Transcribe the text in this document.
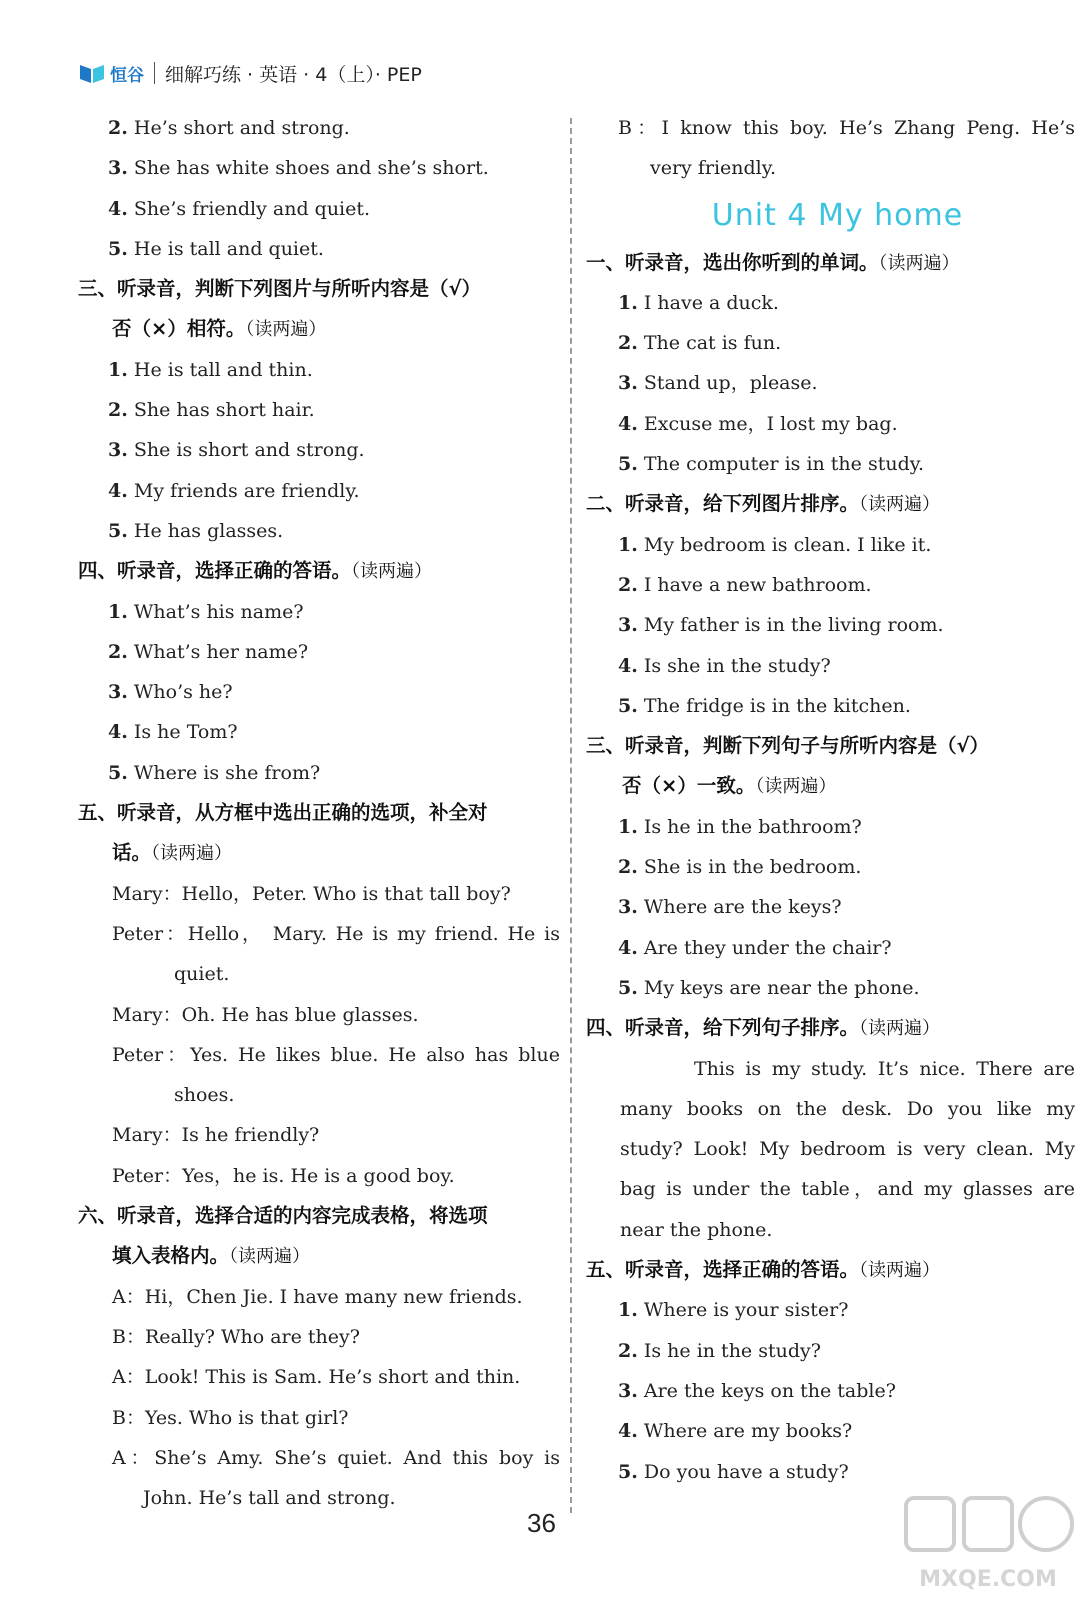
恒谷 细解巧练 · 英语 · 4（上）· PEP
2. He’s short and strong.
3. She has white shoes and she’s short.
4. She’s friendly and quiet.
5. He is tall and quiet.
三、听录音，判断下列图片与所听内容是（√）
否（×）相符。（读两遍）
1. He is tall and thin.
2. She has short hair.
3. She is short and strong.
4. My friends are friendly.
5. He has glasses.
四、听录音，选择正确的答语。（读两遍）
1. What’s his name?
2. What’s her name?
3. Who’s he?
4. Is he Tom?
5. Where is she from?
五、听录音，从方框中选出正确的选项，补全对
话。（读两遍）
Mary：Hello，Peter. Who is that tall boy?
Peter：Hello， Mary. He is my friend. He is
quiet.
Mary：Oh. He has blue glasses.
Peter：Yes. He likes blue. He also has blue
shoes.
Mary：Is he friendly?
Peter：Yes，he is. He is a good boy.
六、听录音，选择合适的内容完成表格，将选项
填入表格内。（读两遍）
A：Hi，Chen Jie. I have many new friends.
B：Really? Who are they?
A：Look! This is Sam. He’s short and thin.
B：Yes. Who is that girl?
A：She’s Amy. She’s quiet. And this boy is
John. He’s tall and strong.
B：I know this boy. He’s Zhang Peng. He’s
very friendly.
Unit 4 My home
一、听录音，选出你听到的单词。（读两遍）
1. I have a duck.
2. The cat is fun.
3. Stand up，please.
4. Excuse me，I lost my bag.
5. The computer is in the study.
二、听录音，给下列图片排序。（读两遍）
1. My bedroom is clean. I like it.
2. I have a new bathroom.
3. My father is in the living room.
4. Is she in the study?
5. The fridge is in the kitchen.
三、听录音，判断下列句子与所听内容是（√）
否（×）一致。（读两遍）
1. Is he in the bathroom?
2. She is in the bedroom.
3. Where are the keys?
4. Are they under the chair?
5. My keys are near the phone.
四、听录音，给下列句子排序。（读两遍）
This is my study. It’s nice. There are
many books on the desk. Do you like my
study? Look! My bedroom is very clean. My
bag is under the table，and my glasses are
near the phone.
五、听录音，选择正确的答语。（读两遍）
1. Where is your sister?
2. Is he in the study?
3. Are the keys on the table?
4. Where are my books?
5. Do you have a study?
36
MXQE.COM
